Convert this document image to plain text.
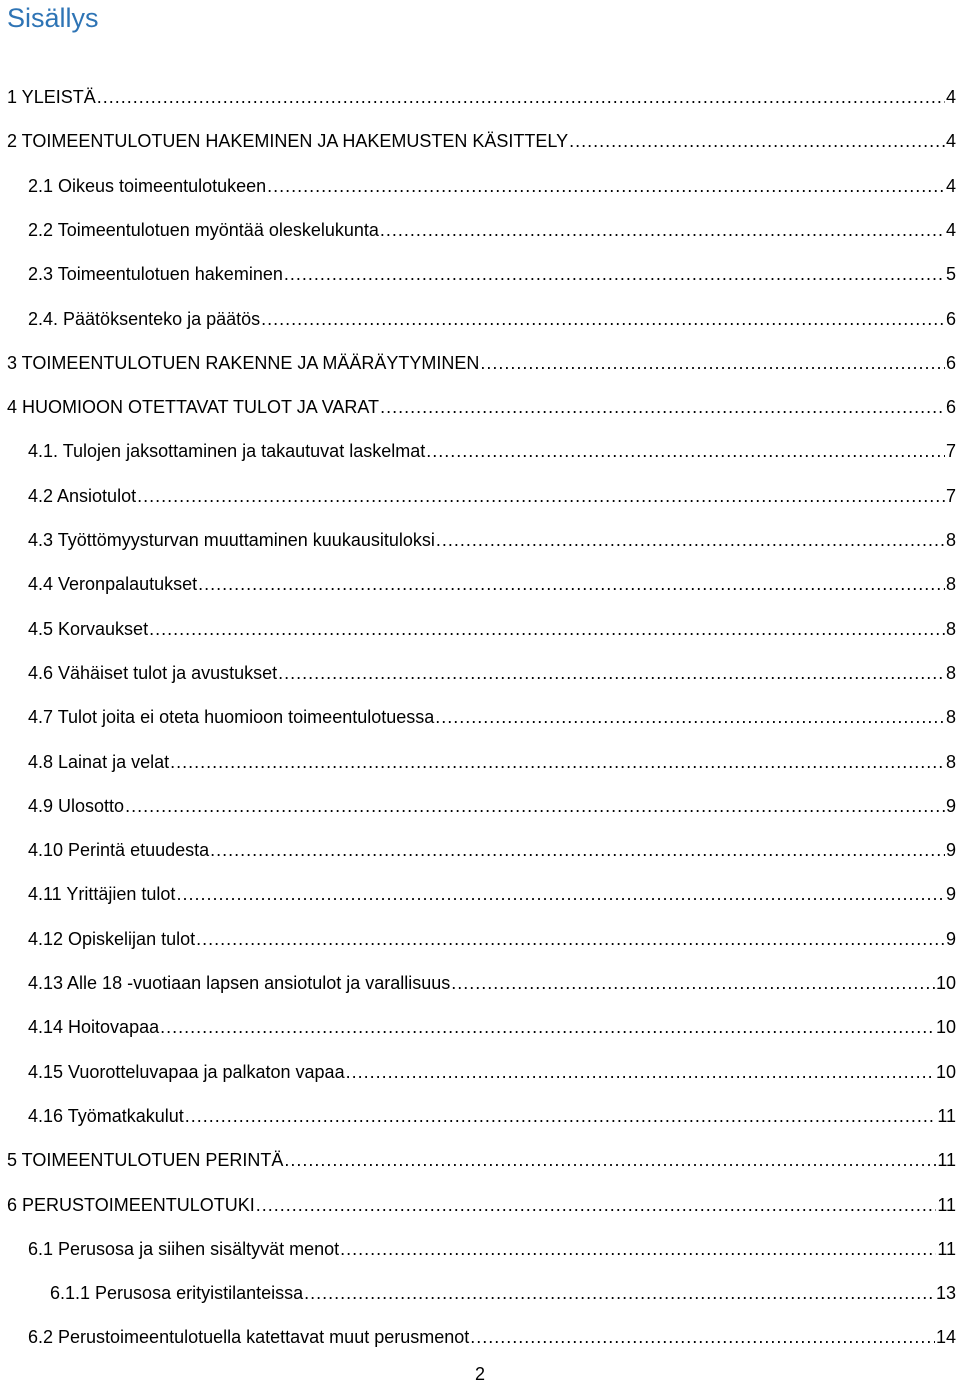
Sisällys
1 YLEISTÄ .....	4
2 TOIMEENTULOTUEN HAKEMINEN JA HAKEMUSTEN KÄSITTELY .....	4
2.1 Oikeus toimeentulotukeen .....	4
2.2 Toimeentulotuen myöntää oleskelukunta .....	4
2.3 Toimeentulotuen hakeminen .....	5
2.4. Päätöksenteko ja päätös .....	6
3 TOIMEENTULOTUEN RAKENNE JA MÄÄRÄYTYMINEN .....	6
4 HUOMIOON OTETTAVAT TULOT JA VARAT .....	6
4.1. Tulojen jaksottaminen ja takautuvat laskelmat .....	7
4.2 Ansiotulot .....	7
4.3 Työttömyysturvan muuttaminen kuukausituloksi .....	8
4.4 Veronpalautukset .....	8
4.5 Korvaukset .....	8
4.6 Vähäiset tulot ja avustukset .....	8
4.7 Tulot joita ei oteta huomioon toimeentulotuessa .....	8
4.8 Lainat ja velat .....	8
4.9 Ulosotto .....	9
4.10 Perintä etuudesta .....	9
4.11 Yrittäjien tulot .....	9
4.12 Opiskelijan tulot .....	9
4.13 Alle 18 -vuotiaan lapsen ansiotulot ja varallisuus .....	10
4.14 Hoitovapaa .....	10
4.15 Vuorotteluvapaa ja palkaton vapaa .....	10
4.16 Työmatkakulut .....	11
5 TOIMEENTULOTUEN PERINTÄ .....	11
6 PERUSTOIMEENTULOTUKI .....	11
6.1 Perusosa ja siihen sisältyvät menot .....	11
6.1.1 Perusosa erityistilanteissa .....	13
6.2 Perustoimeentulotuella katettavat muut perusmenot .....	14
2
